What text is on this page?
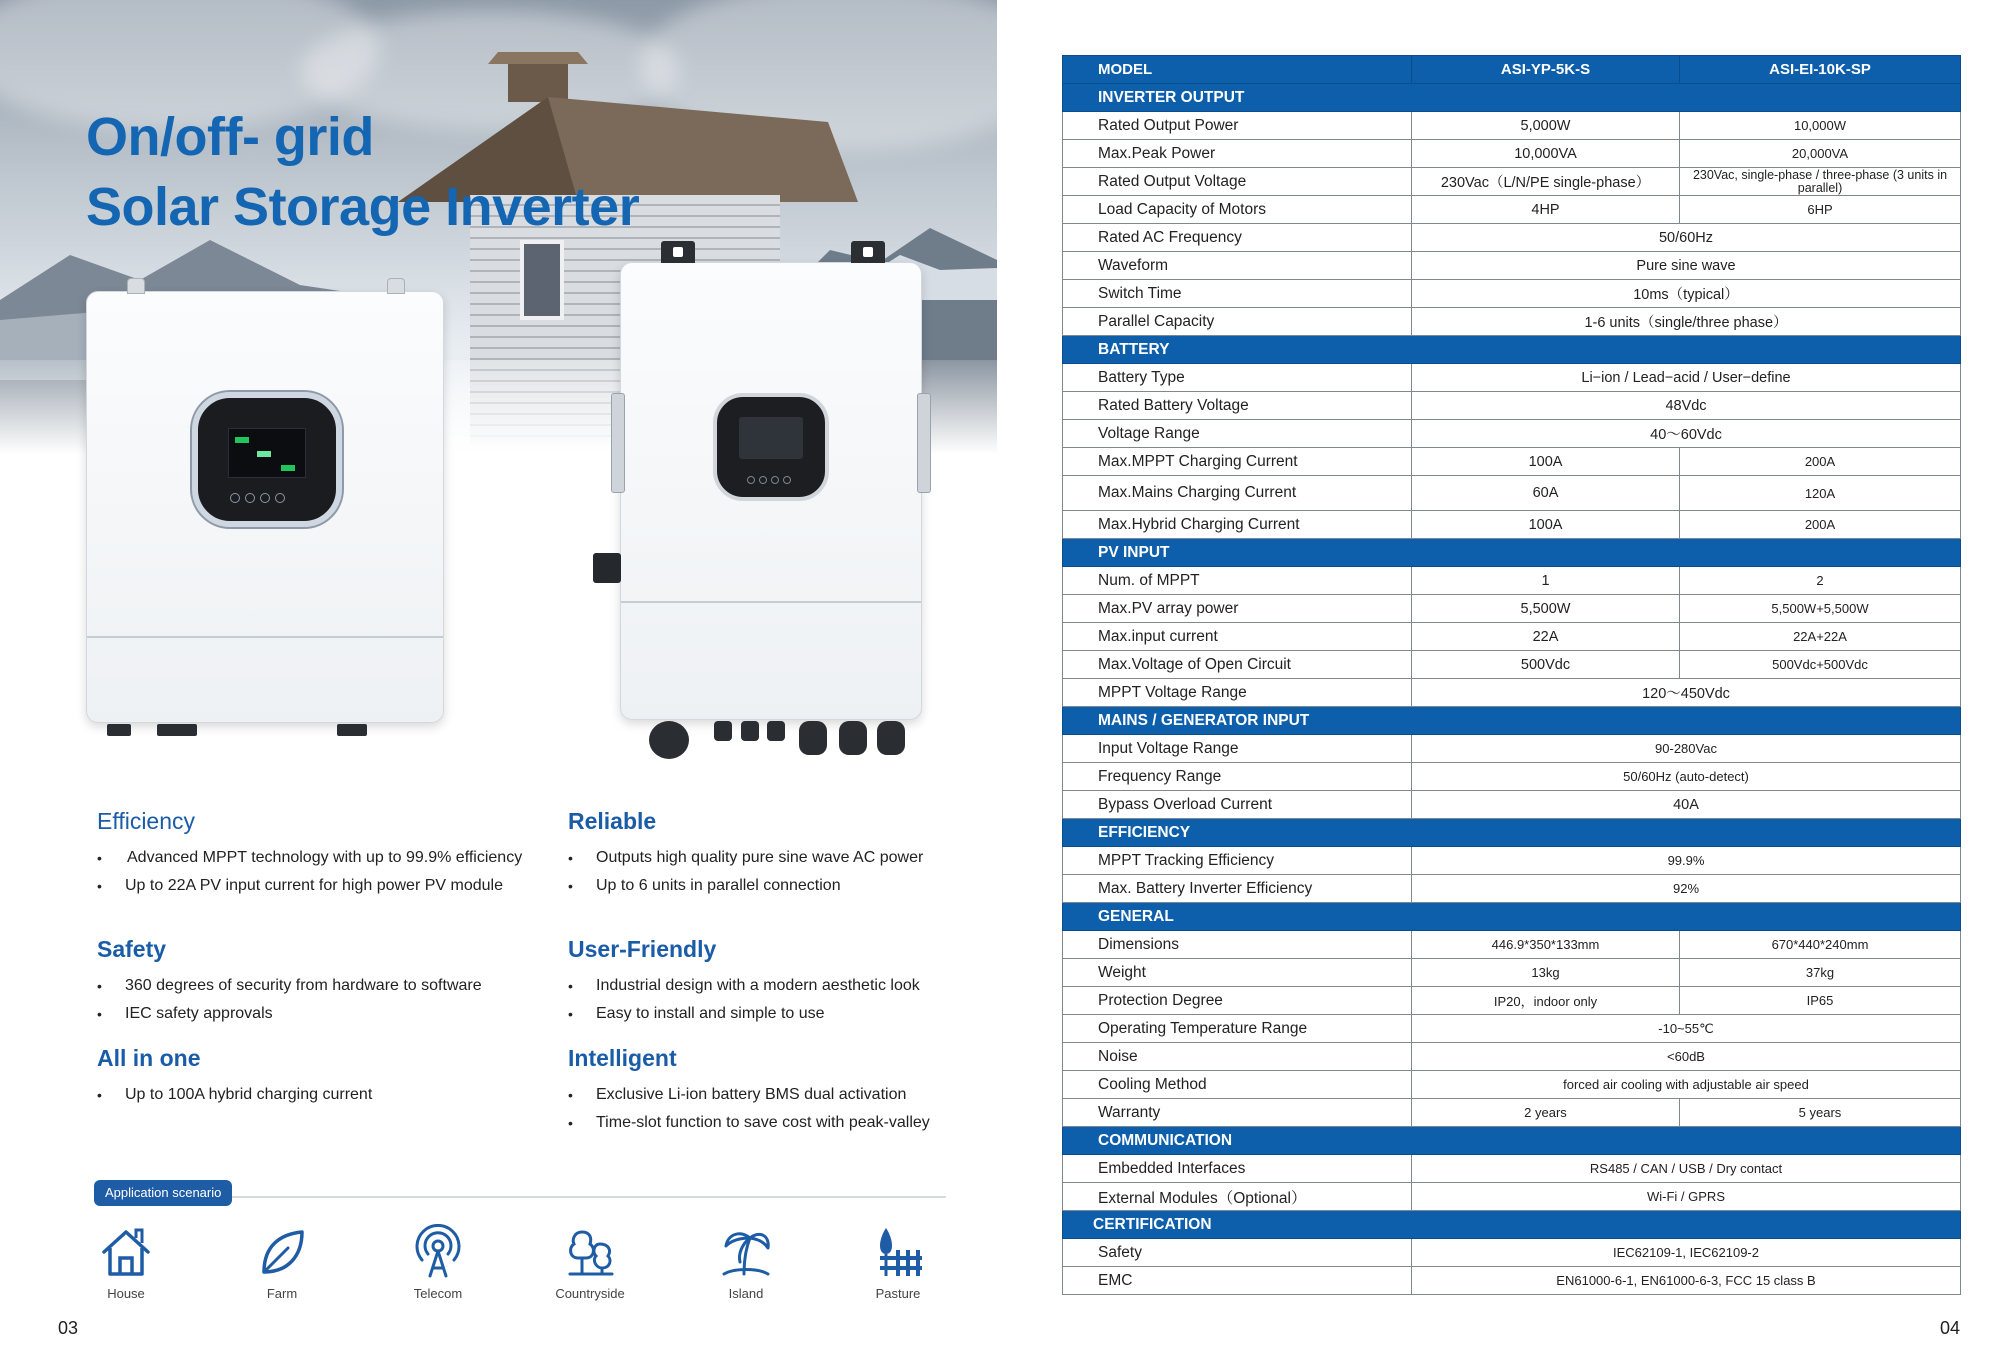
On/off- grid
Solar Storage Inverter
Efficiency
• Advanced MPPT technology with up to 99.9% efficiency
• Up to 22A PV input current for high power PV module
Reliable
• Outputs high quality pure sine wave AC power
• Up to 6 units in parallel connection
Safety
• 360 degrees of security from hardware to software
• IEC safety approvals
User-Friendly
• Industrial design with a modern aesthetic look
• Easy to install and simple to use
All in one
• Up to 100A hybrid charging current
Intelligent
• Exclusive Li-ion battery BMS dual activation
• Time-slot function to save cost with peak-valley
Application scenario
House	Farm	Telecom	Countryside	Island	Pasture
03
MODEL	ASI-YP-5K-S	ASI-EI-10K-SP
INVERTER OUTPUT		
Rated Output Power	5,000W	10,000W
Max.Peak Power	10,000VA	20,000VA
Rated Output Voltage	230Vac（L/N/PE single-phase）	230Vac, single-phase / three-phase (3 units in parallel)
Load Capacity of Motors	4HP	6HP
Rated AC Frequency	50/60Hz	
Waveform	Pure sine wave	
Switch Time	10ms（typical）	
Parallel Capacity	1-6 units（single/three phase）	
BATTERY		
Battery Type	Li−ion / Lead−acid / User−define	
Rated Battery Voltage	48Vdc	
Voltage Range	40～60Vdc	
Max.MPPT Charging Current	100A	200A
Max.Mains Charging Current	60A	120A
Max.Hybrid Charging Current	100A	200A
PV INPUT		
Num. of MPPT	1	2
Max.PV array power	5,500W	5,500W+5,500W
Max.input current	22A	22A+22A
Max.Voltage of Open Circuit	500Vdc	500Vdc+500Vdc
MPPT Voltage Range	120～450Vdc	
MAINS / GENERATOR INPUT		
Input Voltage Range	90-280Vac	
Frequency Range	50/60Hz (auto-detect)	
Bypass Overload Current	40A	
EFFICIENCY		
MPPT Tracking Efficiency	99.9%	
Max. Battery Inverter Efficiency	92%	
GENERAL		
Dimensions	446.9*350*133mm	670*440*240mm
Weight	13kg	37kg
Protection Degree	IP20，indoor only	IP65
Operating Temperature Range	-10~55℃	
Noise	<60dB	
Cooling Method	forced air cooling with adjustable air speed	
Warranty	2 years	5 years
COMMUNICATION		
Embedded Interfaces	RS485 / CAN / USB / Dry contact	
External Modules（Optional）	Wi-Fi / GPRS	
CERTIFICATION		
Safety	IEC62109-1, IEC62109-2	
EMC	EN61000-6-1, EN61000-6-3, FCC 15 class B	
04
